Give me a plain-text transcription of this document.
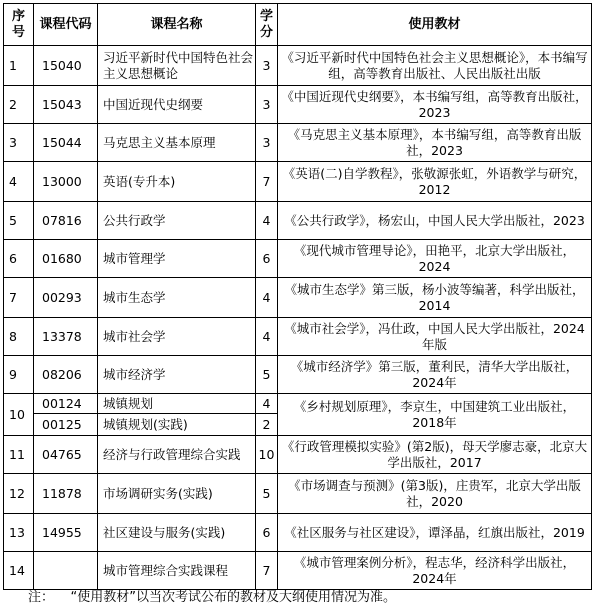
序号	课程代码	课程名称	学分	使用教材
1	15040	习近平新时代中国特色社会主义思想概论	3	《习近平新时代中国特色社会主义思想概论》，本书编写组，高等教育出版社、人民出版社出版
2	15043	中国近现代史纲要	3	《中国近现代史纲要》，本书编写组，高等教育出版社，2023
3	15044	马克思主义基本原理	3	《马克思主义基本原理》，本书编写组，高等教育出版社，2023
4	13000	英语(专升本)	7	《英语(二)自学教程》，张敬源张虹，外语教学与研究，2012
5	07816	公共行政学	4	《公共行政学》，杨宏山，中国人民大学出版社，2023
6	01680	城市管理学	6	《现代城市管理导论》，田艳平，北京大学出版社，2024
7	00293	城市生态学	4	《城市生态学》第三版，杨小波等编著，科学出版社，2014
8	13378	城市社会学	4	《城市社会学》，冯仕政，中国人民大学出版社，2024年版
9	08206	城市经济学	5	《城市经济学》第三版，董利民，清华大学出版社，2024年
10	00124	城镇规划	4	《乡村规划原理》，李京生，中国建筑工业出版社，2018年
	00125	城镇规划(实践)	2	
11	04765	经济与行政管理综合实践	10	《行政管理模拟实验》(第2版)，母天学廖志豪，北京大学出版社，2017
12	11878	市场调研实务(实践)	5	《市场调查与预测》(第3版)，庄贵军，北京大学出版社，2020
13	14955	社区建设与服务(实践)	6	《社区服务与社区建设》，谭泽晶，红旗出版社，2019
14		城市管理综合实践课程	7	《城市管理案例分析》，程志华，经济科学出版社，2024年
注：    “使用教材”以当次考试公布的教材及大纲使用情况为准。
